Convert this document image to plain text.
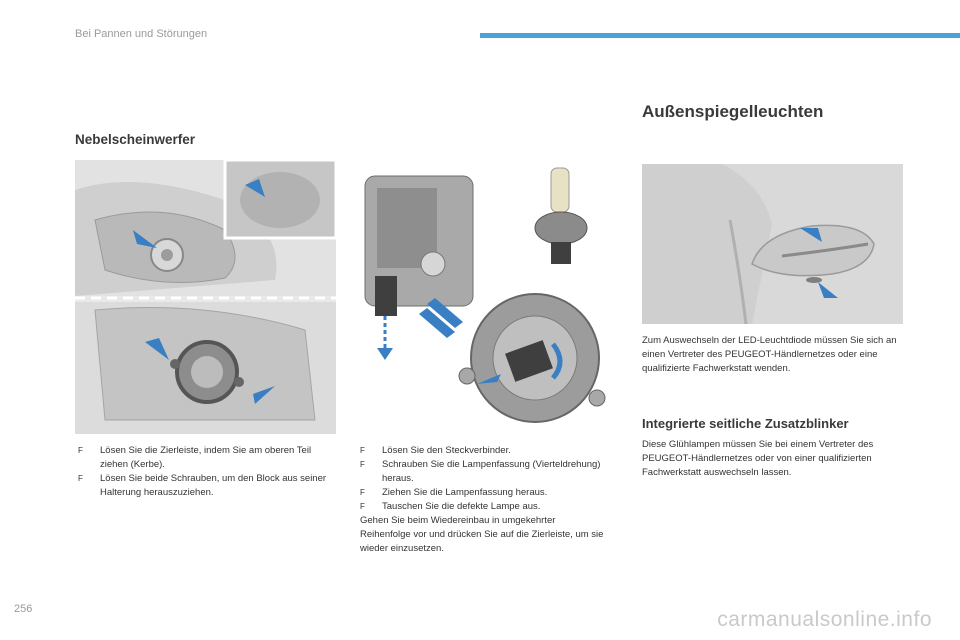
Bei Pannen und Störungen
Nebelscheinwerfer
Außenspiegelleuchten
F Lösen Sie die Zierleiste, indem Sie am oberen Teil ziehen (Kerbe).
F Lösen Sie beide Schrauben, um den Block aus seiner Halterung herauszuziehen.
F Lösen Sie den Steckverbinder.
F Schrauben Sie die Lampenfassung (Vierteldrehung) heraus.
F Ziehen Sie die Lampenfassung heraus.
F Tauschen Sie die defekte Lampe aus.

Gehen Sie beim Wiedereinbau in umgekehrter Reihenfolge vor und drücken Sie auf die Zierleiste, um sie wieder einzusetzen.

Zum Auswechseln der LED-Leuchtdiode müssen Sie sich an einen Vertreter des PEUGEOT-Händlernetzes oder eine qualifizierte Fachwerkstatt wenden.

Integrierte seitliche Zusatzblinker

Diese Glühlampen müssen Sie bei einem Vertreter des PEUGEOT-Händlernetzes oder von einer qualifizierten Fachwerkstatt auswechseln lassen.

256	carmanualsonline.info
